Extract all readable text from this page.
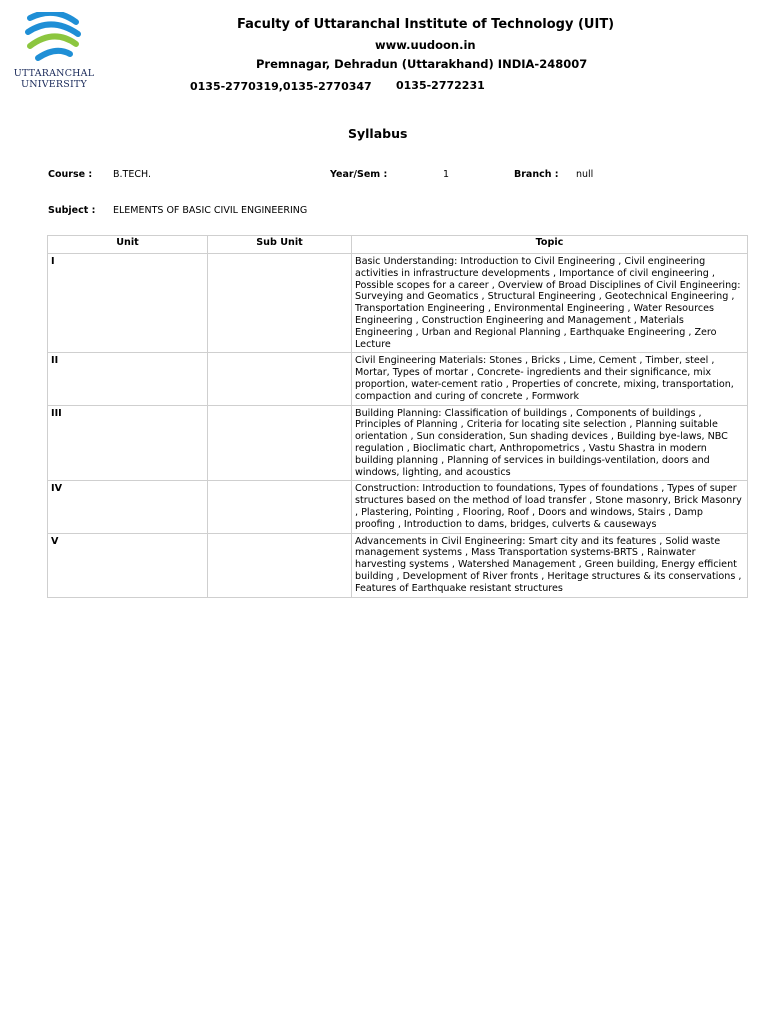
UTTARANCHAL
UNIVERSITY
Faculty of Uttaranchal Institute of Technology (UIT)
www.uudoon.in
Premnagar, Dehradun (Uttarakhand) INDIA-248007
0135-2770319,0135-2770347 0135-2772231
Syllabus
Course : B.TECH.	Year/Sem :	1	Branch : null
Subject : ELEMENTS OF BASIC CIVIL ENGINEERING
Unit	Sub Unit	Topic
I		Basic Understanding: Introduction to Civil Engineering , Civil engineering activities in infrastructure developments , Importance of civil engineering , Possible scopes for a career , Overview of Broad Disciplines of Civil Engineering: Surveying and Geomatics , Structural Engineering , Geotechnical Engineering , Transportation Engineering , Environmental Engineering , Water Resources Engineering , Construction Engineering and Management , Materials Engineering , Urban and Regional Planning , Earthquake Engineering , Zero Lecture
II		Civil Engineering Materials: Stones , Bricks , Lime, Cement , Timber, steel , Mortar, Types of mortar , Concrete- ingredients and their significance, mix proportion, water-cement ratio , Properties of concrete, mixing, transportation, compaction and curing of concrete , Formwork
III		Building Planning: Classification of buildings , Components of buildings , Principles of Planning , Criteria for locating site selection , Planning suitable orientation , Sun consideration, Sun shading devices , Building bye-laws, NBC regulation , Bioclimatic chart, Anthropometrics , Vastu Shastra in modern building planning , Planning of services in buildings-ventilation, doors and windows, lighting, and acoustics
IV		Construction: Introduction to foundations, Types of foundations , Types of super structures based on the method of load transfer , Stone masonry, Brick Masonry , Plastering, Pointing , Flooring, Roof , Doors and windows, Stairs , Damp proofing , Introduction to dams, bridges, culverts & causeways
V		Advancements in Civil Engineering: Smart city and its features , Solid waste management systems , Mass Transportation systems-BRTS , Rainwater harvesting systems , Watershed Management , Green building, Energy efficient building , Development of River fronts , Heritage structures & its conservations , Features of Earthquake resistant structures
